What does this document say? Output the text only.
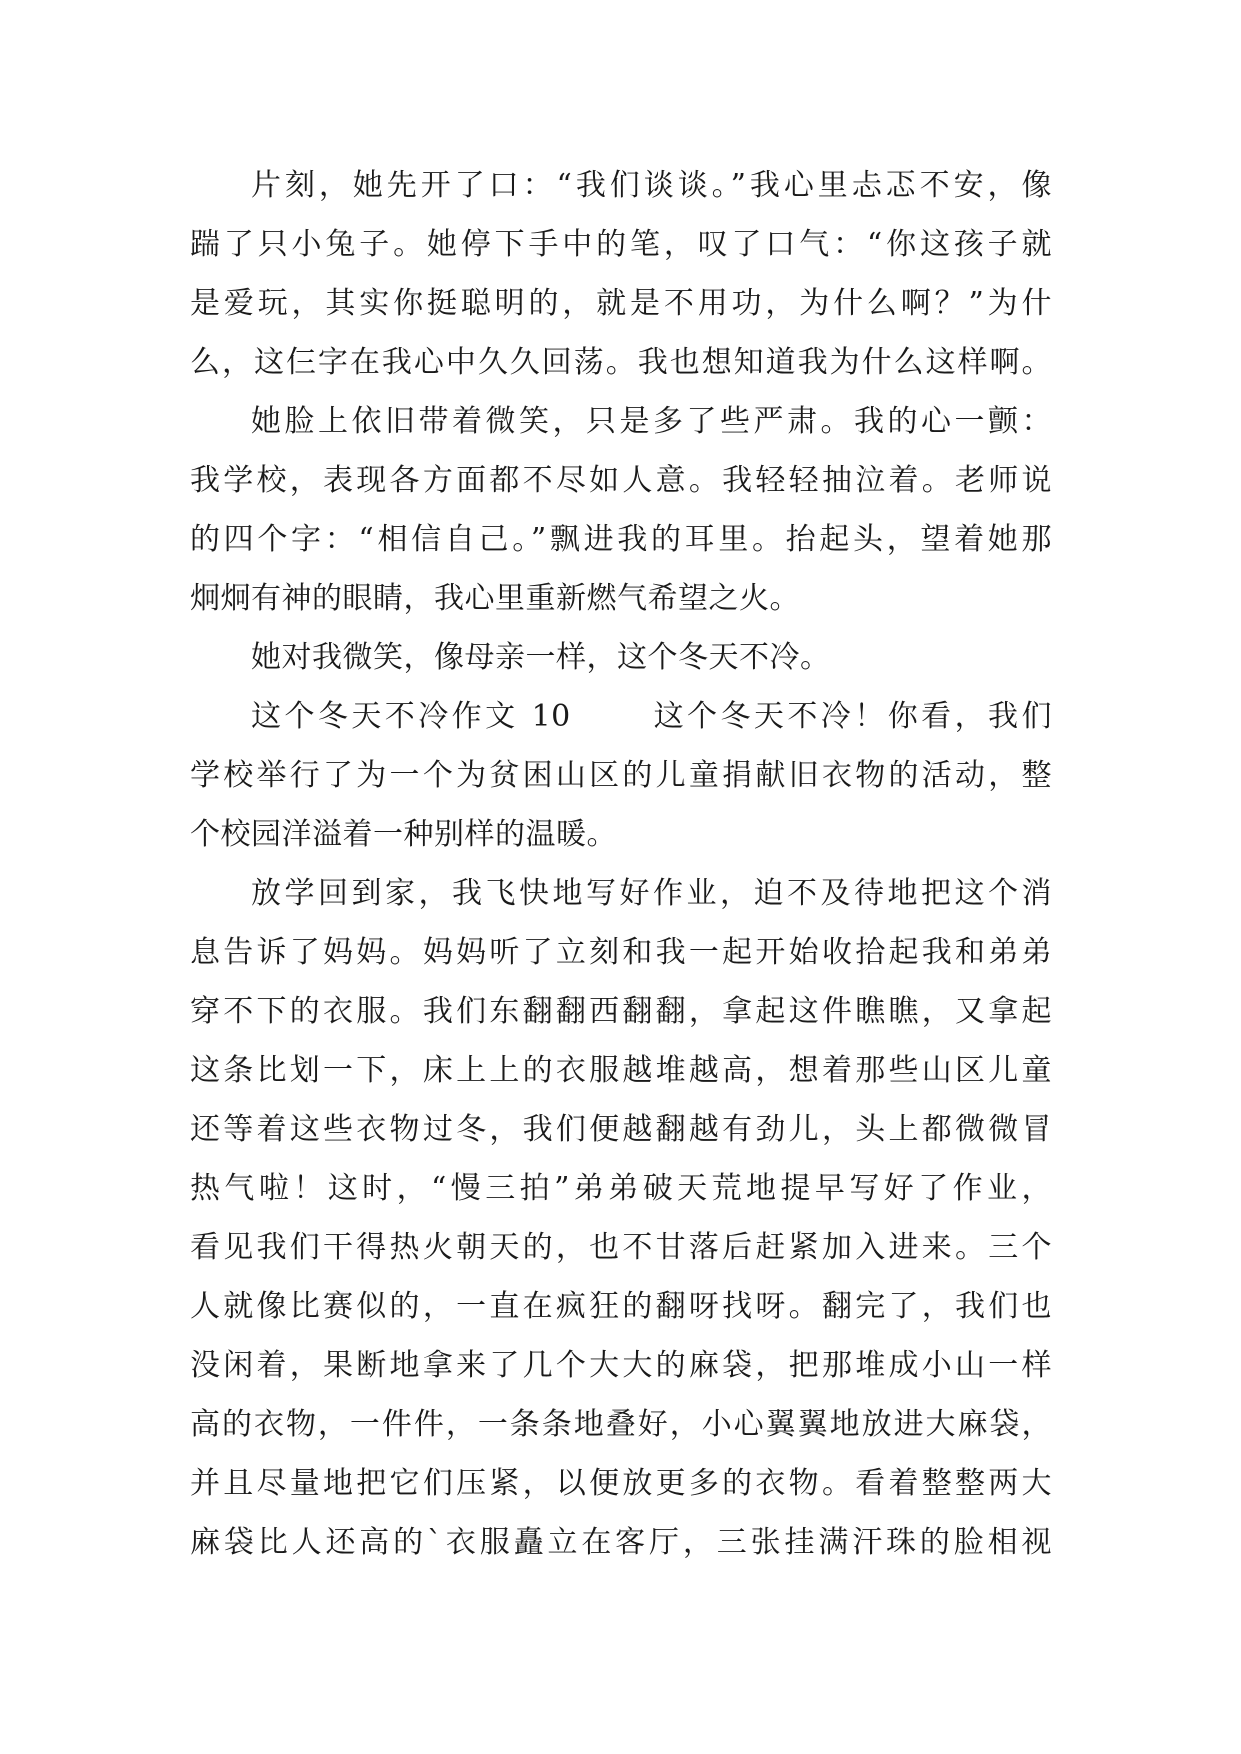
片刻，她先开了口：“我们谈谈。”我心里忐忑不安，像
踹了只小兔子。她停下手中的笔，叹了口气：“你这孩子就
是爱玩，其实你挺聪明的，就是不用功，为什么啊？”为什
么，这仨字在我心中久久回荡。我也想知道我为什么这样啊。
她脸上依旧带着微笑，只是多了些严肃。我的心一颤：
我学校，表现各方面都不尽如人意。我轻轻抽泣着。老师说
的四个字：“相信自己。”飘进我的耳里。抬起头，望着她那
炯炯有神的眼睛，我心里重新燃气希望之火。
她对我微笑，像母亲一样，这个冬天不冷。
这个冬天不冷作文 10　　 这个冬天不冷！你看，我们
学校举行了为一个为贫困山区的儿童捐献旧衣物的活动，整
个校园洋溢着一种别样的温暖。
放学回到家，我飞快地写好作业，迫不及待地把这个消
息告诉了妈妈。妈妈听了立刻和我一起开始收拾起我和弟弟
穿不下的衣服。我们东翻翻西翻翻，拿起这件瞧瞧，又拿起
这条比划一下，床上上的衣服越堆越高，想着那些山区儿童
还等着这些衣物过冬，我们便越翻越有劲儿，头上都微微冒
热气啦！这时，“慢三拍”弟弟破天荒地提早写好了作业，
看见我们干得热火朝天的，也不甘落后赶紧加入进来。三个
人就像比赛似的，一直在疯狂的翻呀找呀。翻完了，我们也
没闲着，果断地拿来了几个大大的麻袋，把那堆成小山一样
高的衣物，一件件，一条条地叠好，小心翼翼地放进大麻袋，
并且尽量地把它们压紧，以便放更多的衣物。看着整整两大
麻袋比人还高的`衣服矗立在客厅，三张挂满汗珠的脸相视
